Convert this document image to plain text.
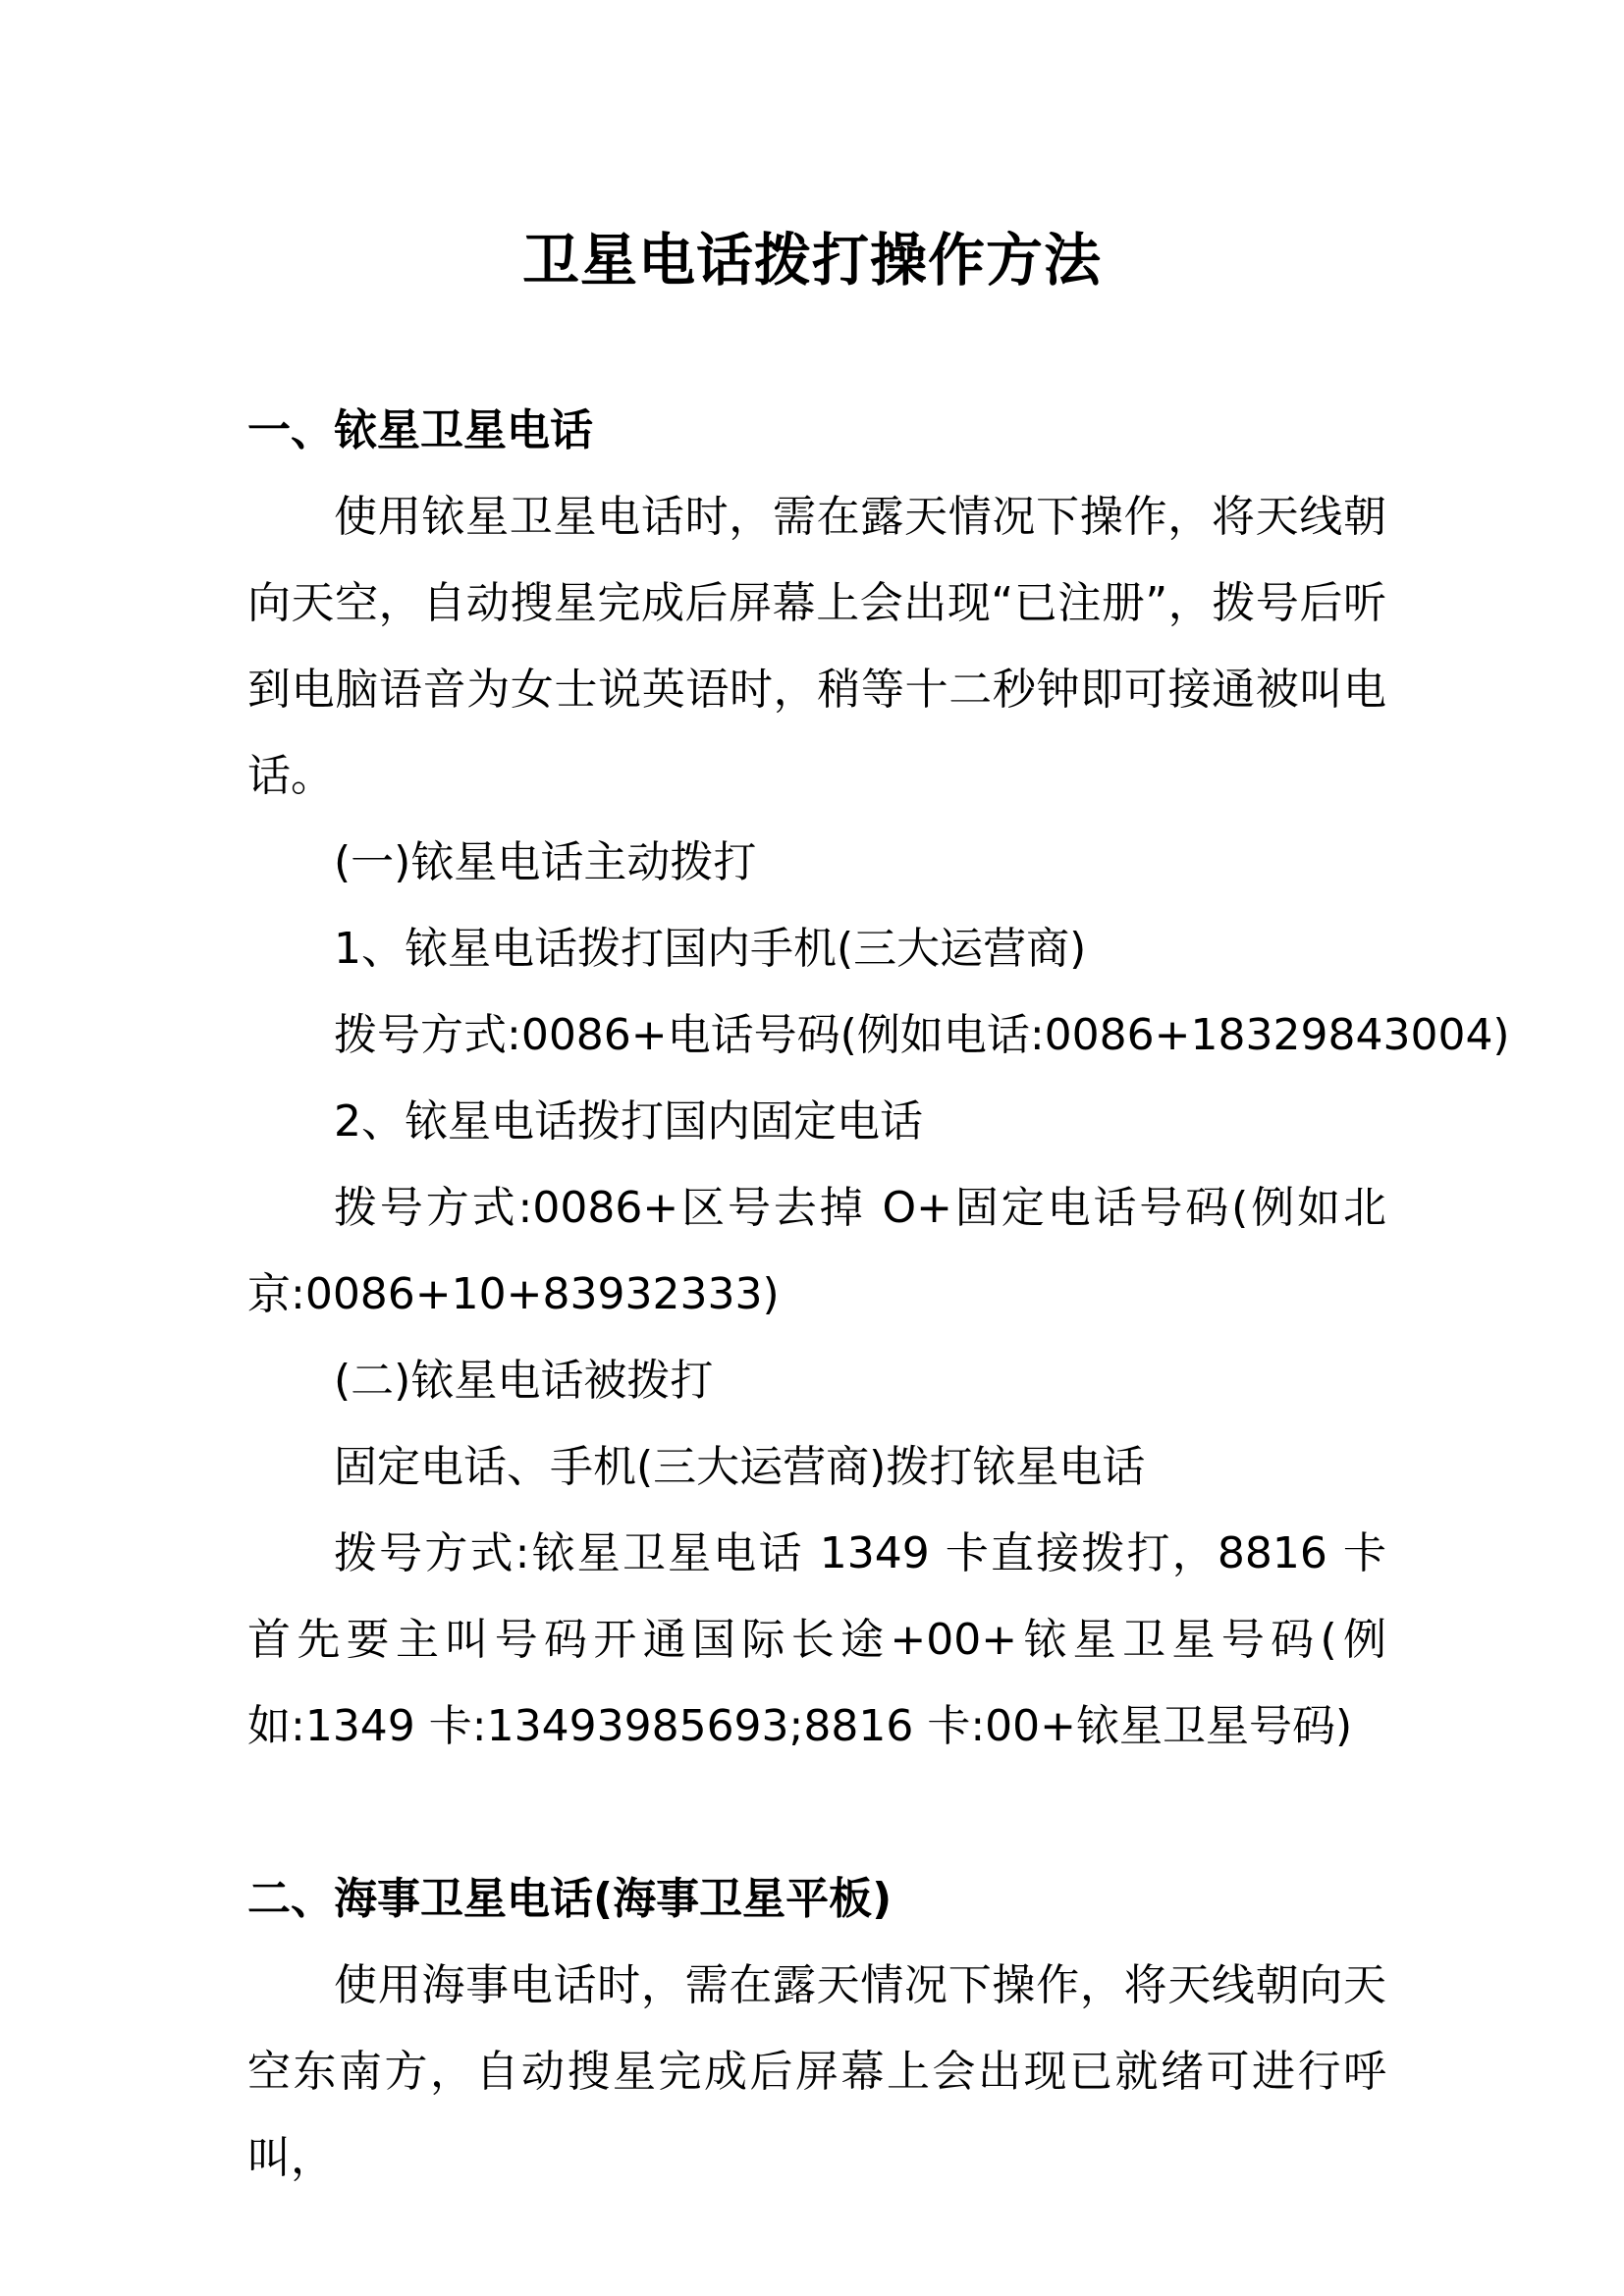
卫星电话拨打操作方法

一、铱星卫星电话

使用铱星卫星电话时，需在露天情况下操作，将天线朝向天空，自动搜星完成后屏幕上会出现“已注册”，拨号后听到电脑语音为女士说英语时，稍等十二秒钟即可接通被叫电话。

(一)铱星电话主动拨打

1、铱星电话拨打国内手机(三大运营商)

拨号方式:0086+电话号码(例如电话:0086+18329843004)

2、铱星电话拨打国内固定电话

拨号方式:0086+区号去掉 O+固定电话号码(例如北京:0086+10+83932333)

(二)铱星电话被拨打

固定电话、手机(三大运营商)拨打铱星电话

拨号方式:铱星卫星电话 1349 卡直接拨打，8816 卡首先要主叫号码开通国际长途+00+铱星卫星号码(例如:1349 卡:13493985693;8816 卡:00+铱星卫星号码)

二、海事卫星电话(海事卫星平板)

使用海事电话时，需在露天情况下操作，将天线朝向天空东南方，自动搜星完成后屏幕上会出现已就绪可进行呼叫，
